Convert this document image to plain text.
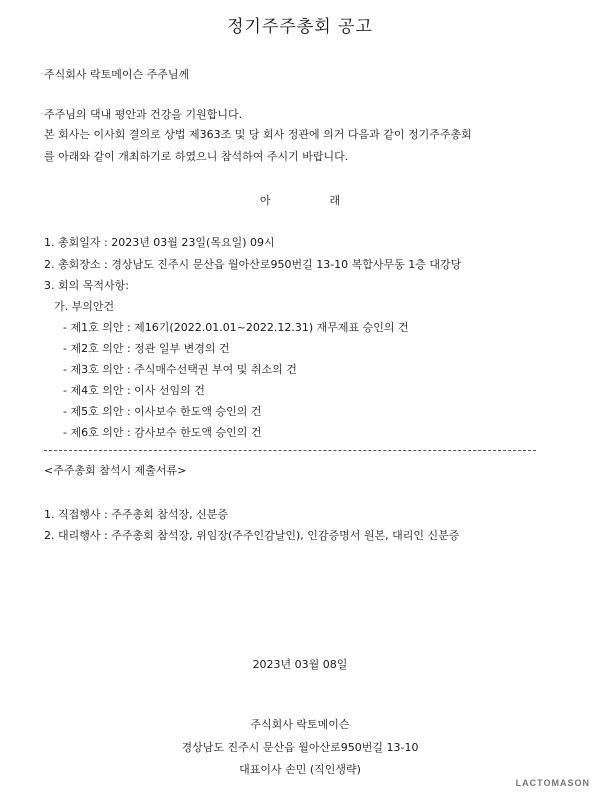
정기주주총회 공고
주식회사 락토메이슨 주주님께
주주님의 댁내 평안과 건강을 기원합니다.
본 회사는 이사회 결의로 상법 제363조 및 당 회사 정관에 의거 다음과 같이 정기주주총회
를 아래와 같이 개최하기로 하였으니 참석하여 주시기 바랍니다.
아	래
1. 총회일자 : 2023년 03월 23일(목요일) 09시
2. 총회장소 : 경상남도 진주시 문산읍 월아산로950번길 13-10 복합사무동 1층 대강당
3. 회의 목적사항:
가. 부의안건
- 제1호 의안 : 제16기(2022.01.01~2022.12.31) 재무제표 승인의 건
- 제2호 의안 : 정관 일부 변경의 건
- 제3호 의안 : 주식매수선택권 부여 및 취소의 건
- 제4호 의안 : 이사 선임의 건
- 제5호 의안 : 이사보수 한도액 승인의 건
- 제6호 의안 : 감사보수 한도액 승인의 건
<주주총회 참석시 제출서류>
1. 직접행사 : 주주총회 참석장, 신분증
2. 대리행사 : 주주총회 참석장, 위임장(주주인감날인), 인감증명서 원본, 대리인 신분증
2023년 03월 08일
주식회사 락토메이슨
경상남도 진주시 문산읍 월아산로950번길 13-10
대표이사 손민 (직인생략)
LACTOMASON
